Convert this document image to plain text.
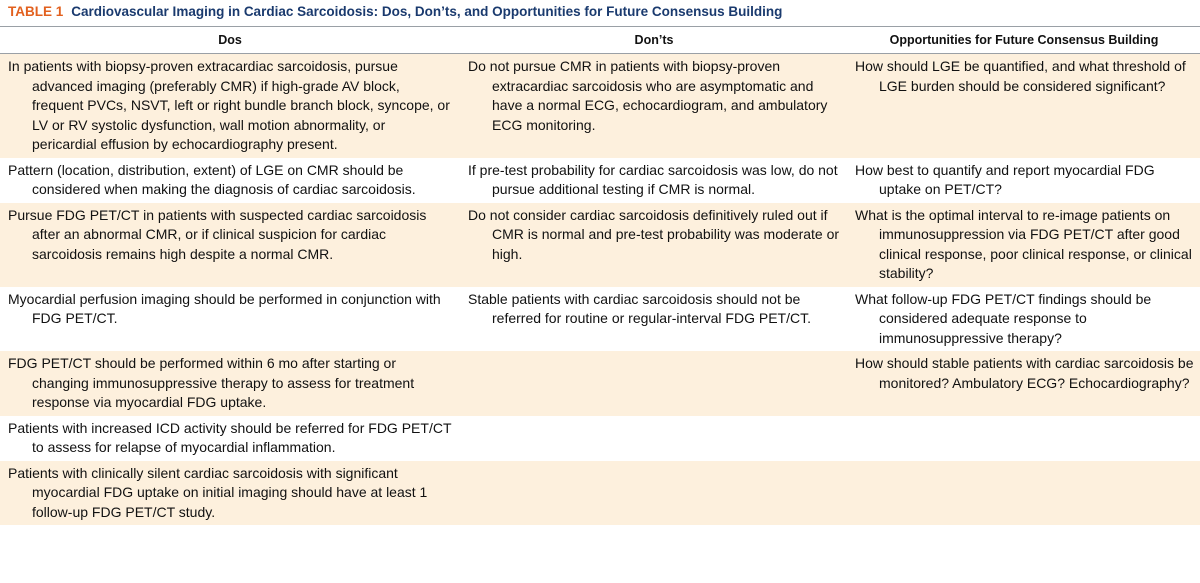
TABLE 1 Cardiovascular Imaging in Cardiac Sarcoidosis: Dos, Don’ts, and Opportunities for Future Consensus Building
Dos	Don’ts	Opportunities for Future Consensus Building

In patients with biopsy-proven extracardiac sarcoidosis, pursue advanced imaging (preferably CMR) if high-grade AV block, frequent PVCs, NSVT, left or right bundle branch block, syncope, or LV or RV systolic dysfunction, wall motion abnormality, or pericardial effusion by echocardiography present.	Do not pursue CMR in patients with biopsy-proven extracardiac sarcoidosis who are asymptomatic and have a normal ECG, echocardiogram, and ambulatory ECG monitoring.	How should LGE be quantified, and what threshold of LGE burden should be considered significant?

Pattern (location, distribution, extent) of LGE on CMR should be considered when making the diagnosis of cardiac sarcoidosis.	If pre-test probability for cardiac sarcoidosis was low, do not pursue additional testing if CMR is normal.	How best to quantify and report myocardial FDG uptake on PET/CT?

Pursue FDG PET/CT in patients with suspected cardiac sarcoidosis after an abnormal CMR, or if clinical suspicion for cardiac sarcoidosis remains high despite a normal CMR.	Do not consider cardiac sarcoidosis definitively ruled out if CMR is normal and pre-test probability was moderate or high.	What is the optimal interval to re-image patients on immunosuppression via FDG PET/CT after good clinical response, poor clinical response, or clinical stability?

Myocardial perfusion imaging should be performed in conjunction with FDG PET/CT.	Stable patients with cardiac sarcoidosis should not be referred for routine or regular-interval FDG PET/CT.	What follow-up FDG PET/CT findings should be considered adequate response to immunosuppressive therapy?

FDG PET/CT should be performed within 6 mo after starting or changing immunosuppressive therapy to assess for treatment response via myocardial FDG uptake.		How should stable patients with cardiac sarcoidosis be monitored? Ambulatory ECG? Echocardiography?

Patients with increased ICD activity should be referred for FDG PET/CT to assess for relapse of myocardial inflammation.		

Patients with clinically silent cardiac sarcoidosis with significant myocardial FDG uptake on initial imaging should have at least 1 follow-up FDG PET/CT study.		
